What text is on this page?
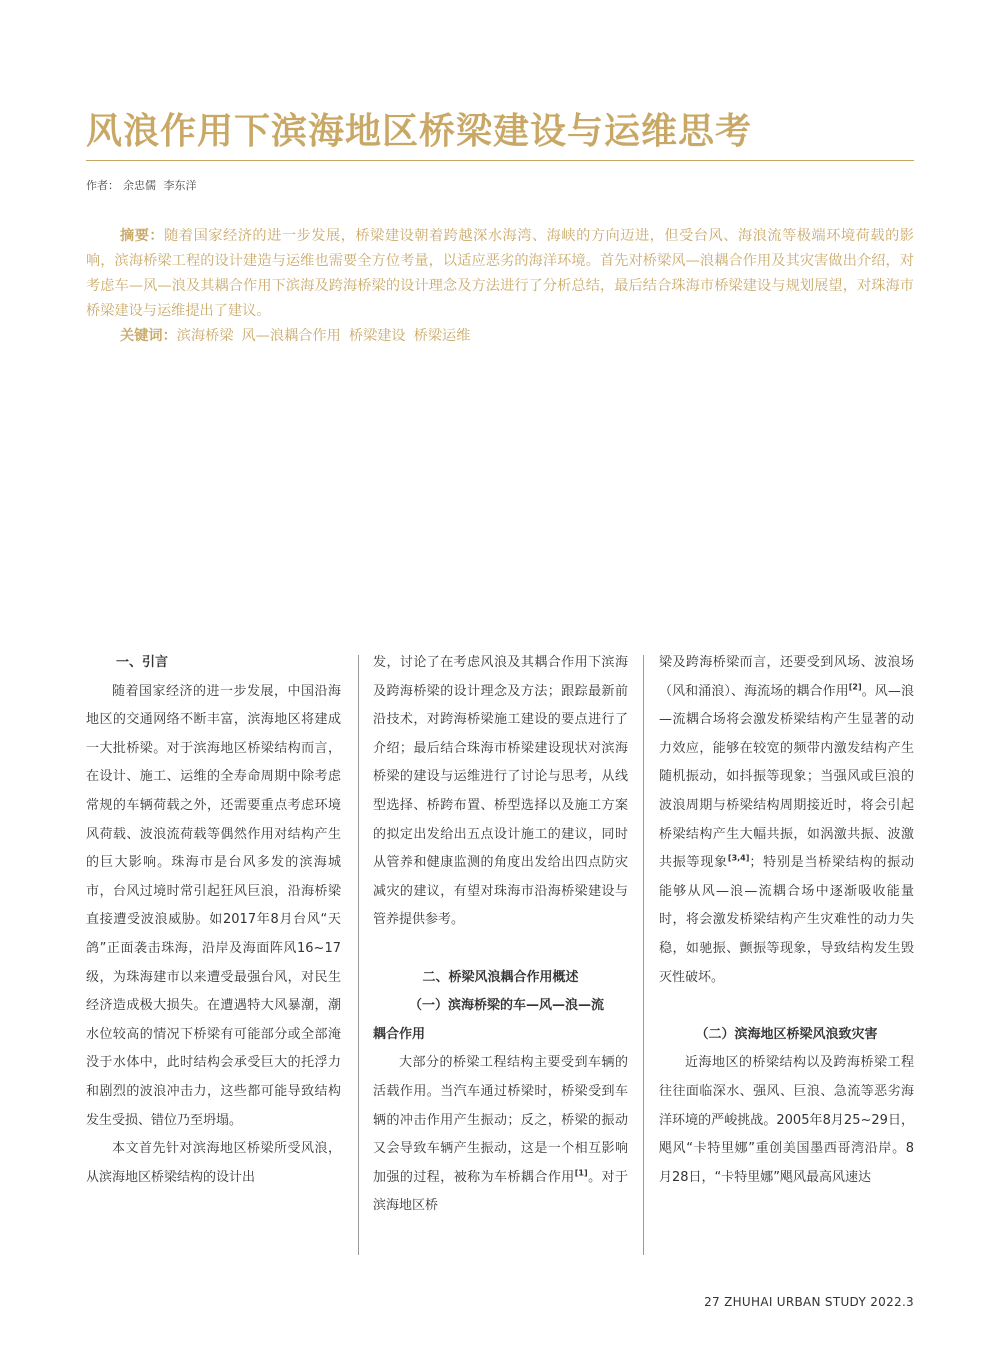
风浪作用下滨海地区桥梁建设与运维思考
作者： 余忠儒 李东洋

摘要：随着国家经济的进一步发展，桥梁建设朝着跨越深水海湾、海峡的方向迈进，但受台风、海浪流等极端环境荷载的影响，滨海桥梁工程的设计建造与运维也需要全方位考量，以适应恶劣的海洋环境。首先对桥梁风—浪耦合作用及其灾害做出介绍，对考虑车—风—浪及其耦合作用下滨海及跨海桥梁的设计理念及方法进行了分析总结，最后结合珠海市桥梁建设与规划展望，对珠海市桥梁建设与运维提出了建议。

关键词：滨海桥梁 风—浪耦合作用 桥梁建设 桥梁运维

一、引言

随着国家经济的进一步发展，中国沿海地区的交通网络不断丰富，滨海地区将建成一大批桥梁。对于滨海地区桥梁结构而言，在设计、施工、运维的全寿命周期中除考虑常规的车辆荷载之外，还需要重点考虑环境风荷载、波浪流荷载等偶然作用对结构产生的巨大影响。珠海市是台风多发的滨海城市，台风过境时常引起狂风巨浪，沿海桥梁直接遭受波浪威胁。如2017年8月台风“天鸽”正面袭击珠海，沿岸及海面阵风16~17级，为珠海建市以来遭受最强台风，对民生经济造成极大损失。在遭遇特大风暴潮，潮水位较高的情况下桥梁有可能部分或全部淹没于水体中，此时结构会承受巨大的托浮力和剧烈的波浪冲击力，这些都可能导致结构发生受损、错位乃至坍塌。

本文首先针对滨海地区桥梁所受风浪，从滨海地区桥梁结构的设计出

发，讨论了在考虑风浪及其耦合作用下滨海及跨海桥梁的设计理念及方法；跟踪最新前沿技术，对跨海桥梁施工建设的要点进行了介绍；最后结合珠海市桥梁建设现状对滨海桥梁的建设与运维进行了讨论与思考，从线型选择、桥跨布置、桥型选择以及施工方案的拟定出发给出五点设计施工的建议，同时从管养和健康监测的角度出发给出四点防灾减灾的建议，有望对珠海市沿海桥梁建设与管养提供参考。

二、桥梁风浪耦合作用概述

（一）滨海桥梁的车—风—浪—流

耦合作用

大部分的桥梁工程结构主要受到车辆的活载作用。当汽车通过桥梁时，桥梁受到车辆的冲击作用产生振动；反之，桥梁的振动又会导致车辆产生振动，这是一个相互影响加强的过程，被称为车桥耦合作用[1]。对于滨海地区桥

梁及跨海桥梁而言，还要受到风场、波浪场（风和涌浪）、海流场的耦合作用[2]。风—浪—流耦合场将会激发桥梁结构产生显著的动力效应，能够在较宽的频带内激发结构产生随机振动，如抖振等现象；当强风或巨浪的波浪周期与桥梁结构周期接近时，将会引起桥梁结构产生大幅共振，如涡激共振、波激共振等现象[3,4]；特别是当桥梁结构的振动能够从风—浪—流耦合场中逐渐吸收能量时，将会激发桥梁结构产生灾难性的动力失稳，如驰振、颤振等现象，导致结构发生毁灭性破坏。

（二）滨海地区桥梁风浪致灾害

近海地区的桥梁结构以及跨海桥梁工程往往面临深水、强风、巨浪、急流等恶劣海洋环境的严峻挑战。2005年8月25~29日，飓风“卡特里娜”重创美国墨西哥湾沿岸。8月28日，“卡特里娜”飓风最高风速达

27 ZHUHAI URBAN STUDY 2022.3
